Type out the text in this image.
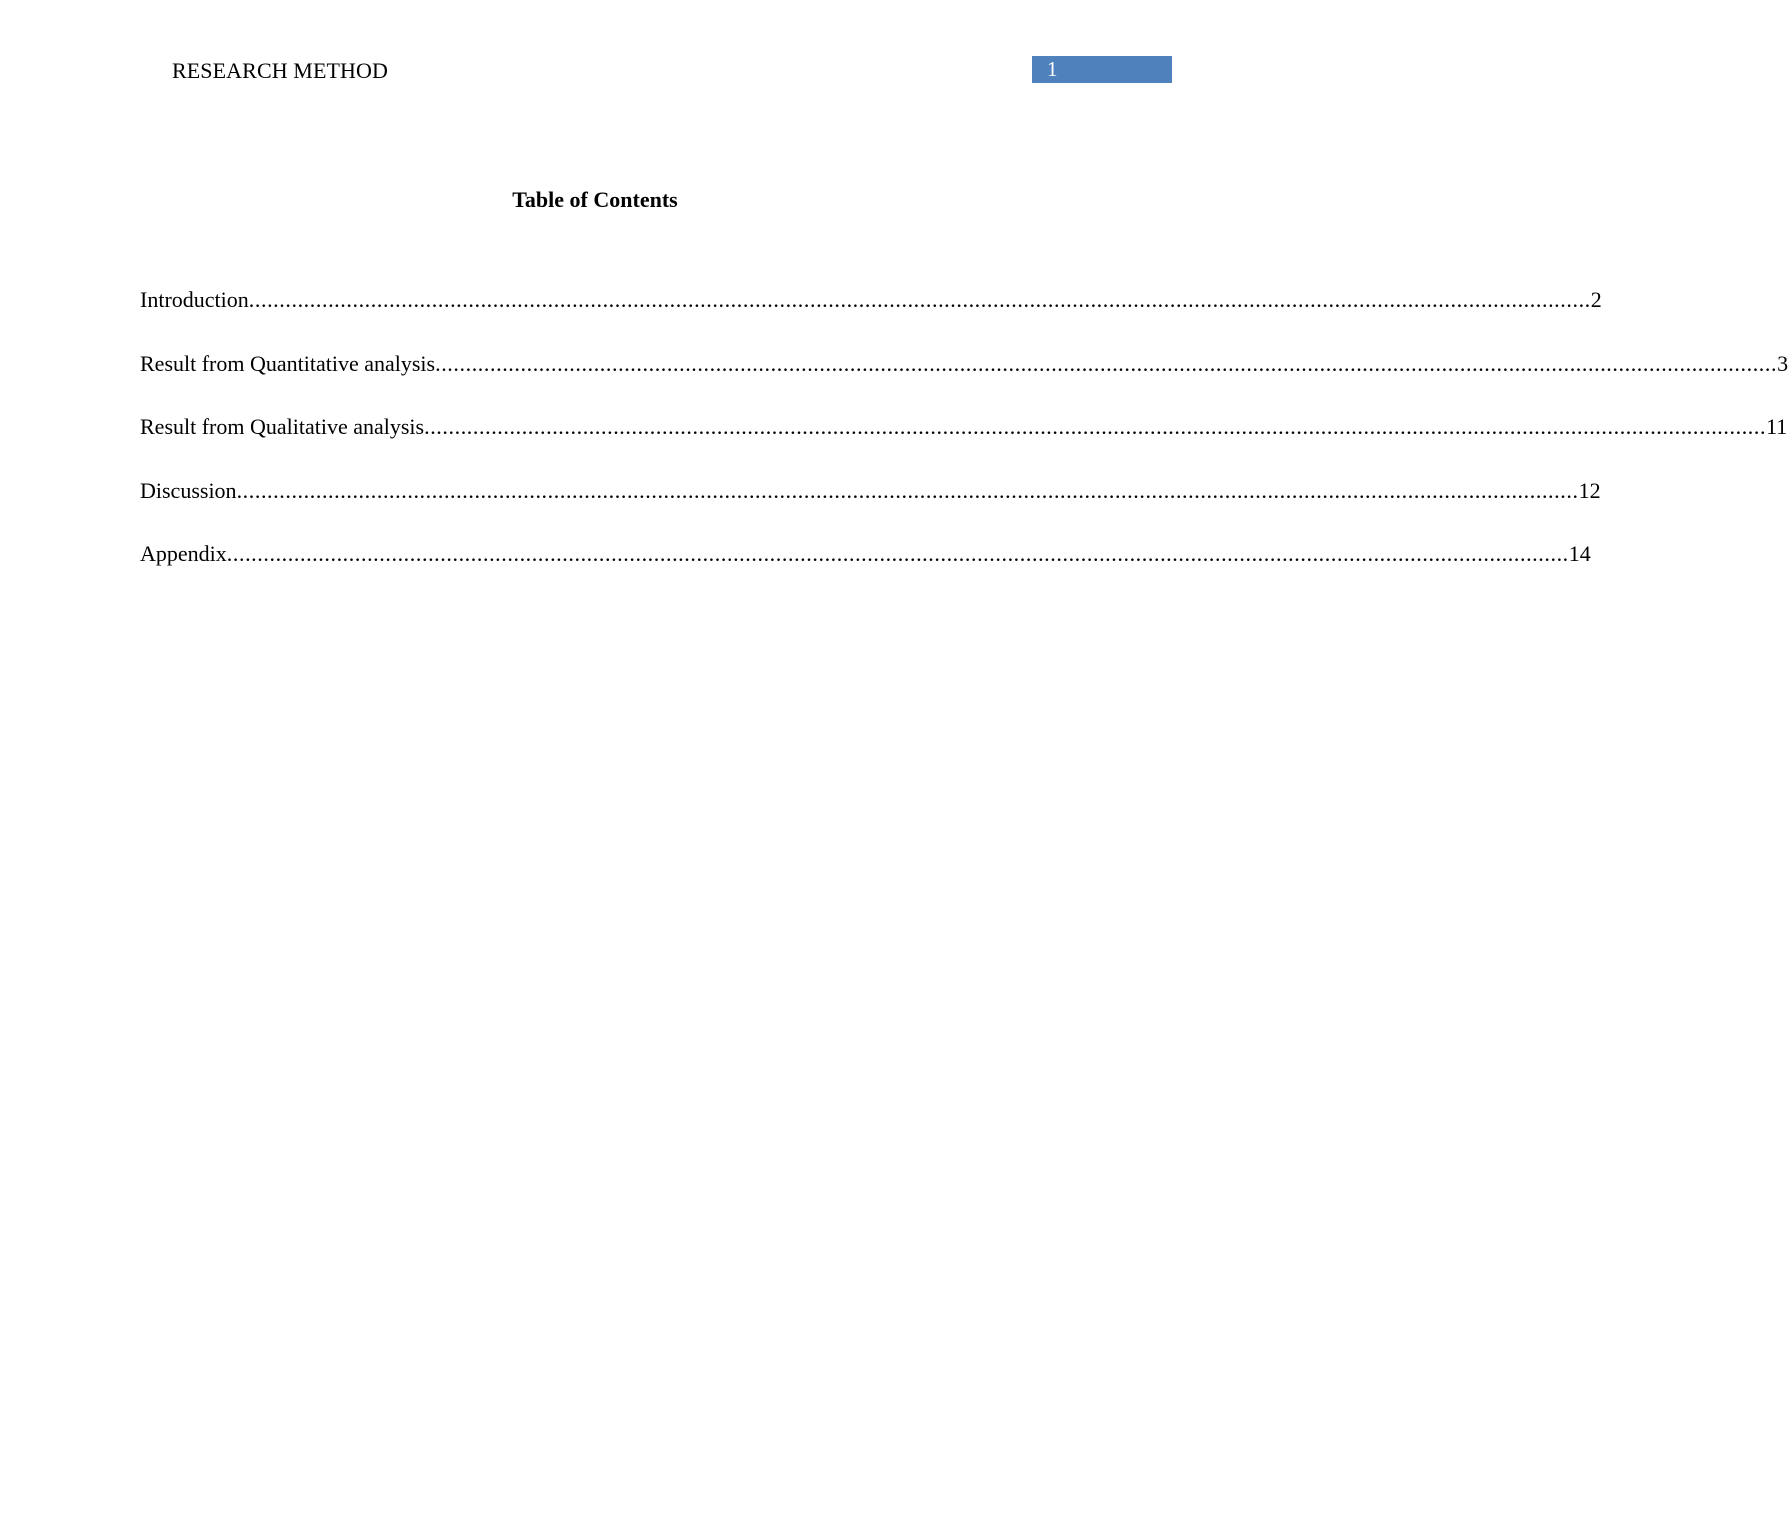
RESEARCH METHOD	1
Table of Contents
Introduction ............................................................................................................................................................................................................................ 2
Result from Quantitative analysis ............................................................................................................................................................................................................................ 3
Result from Qualitative analysis ............................................................................................................................................................................................................................ 11
Discussion ............................................................................................................................................................................................................................ 12
Appendix ............................................................................................................................................................................................................................ 14
